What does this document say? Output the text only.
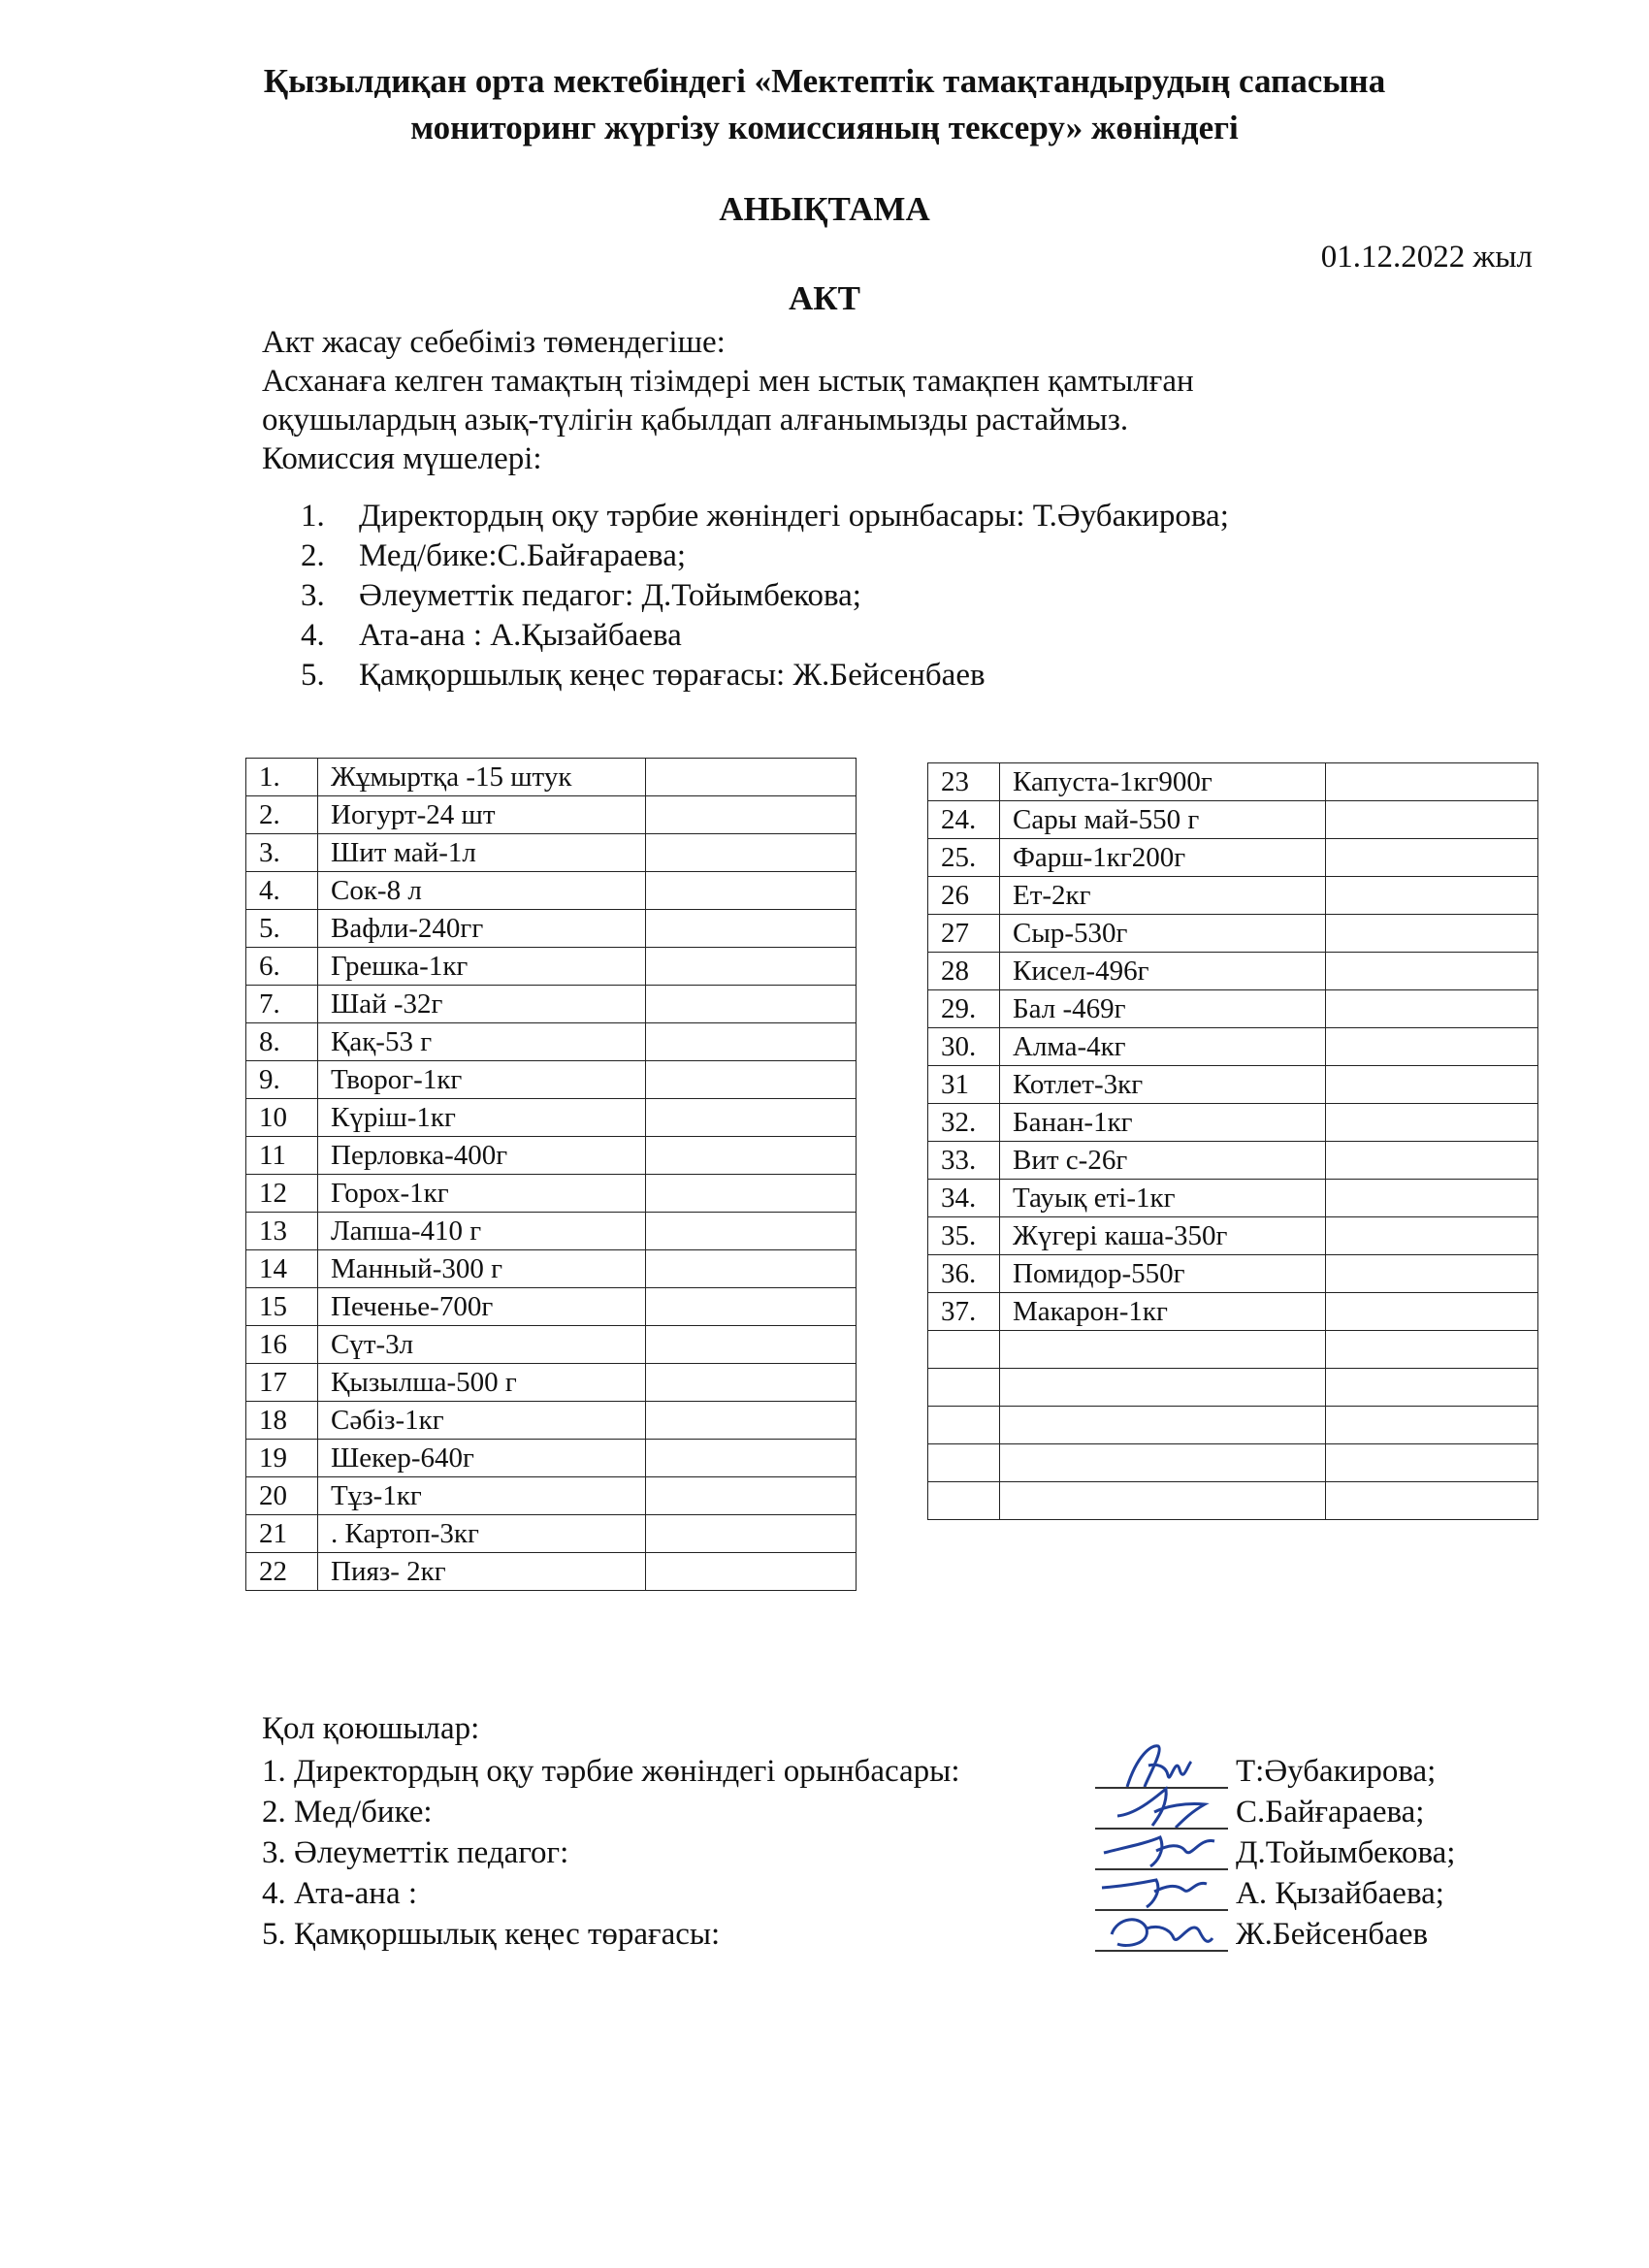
Қызылдиқан орта мектебіндегі «Мектептік тамақтандырудың сапасына
мониторинг жүргізу комиссияның тексеру» жөніндегі
АНЫҚТАМА
01.12.2022 жыл
АКТ
Акт жасау себебіміз төмендегіше:
Асханаға келген тамақтың тізімдері мен ыстық тамақпен қамтылған
оқушылардың азық-түлігін қабылдап алғанымызды растаймыз.
Комиссия мүшелері:
1. Директордың оқу тәрбие жөніндегі орынбасары: Т.Әубакирова;
2. Мед/бике:С.Байғараева;
3. Әлеуметтік педагог: Д.Тойымбекова;
4. Ата-ана : А.Қызайбаева
5. Қамқоршылық кеңес төрағасы: Ж.Бейсенбаев
1.	Жұмыртқа -15 штук	
2.	Иогурт-24 шт	
3.	Шит май-1л	
4.	Сок-8 л	
5.	Вафли-240гг	
6.	Грешка-1кг	
7.	Шай -32г	
8.	Қақ-53 г	
9.	Творог-1кг	
10	Күріш-1кг	
11	Перловка-400г	
12	Горох-1кг	
13	Лапша-410 г	
14	Манный-300 г	
15	Печенье-700г	
16	Сүт-3л	
17	Қызылша-500 г	
18	Сәбіз-1кг	
19	Шекер-640г	
20	Тұз-1кг	
21	. Картоп-3кг	
22	Пияз- 2кг	
23	Капуста-1кг900г	
24.	Сары май-550 г	
25.	Фарш-1кг200г	
26	Ет-2кг	
27	Сыр-530г	
28	Кисел-496г	
29.	Бал -469г	
30.	Алма-4кг	
31	Котлет-3кг	
32.	Банан-1кг	
33.	Вит с-26г	
34.	Тауық еті-1кг	
35.	Жүгері каша-350г	
36.	Помидор-550г	
37.	Макарон-1кг	

Қол қоюшылар:
1. Директордың оқу тәрбие жөніндегі орынбасары:	Т:Әубакирова;
2. Мед/бике:	С.Байғараева;
3. Әлеуметтік педагог:	Д.Тойымбекова;
4. Ата-ана :	А. Қызайбаева;
5. Қамқоршылық кеңес төрағасы:	Ж.Бейсенбаев
